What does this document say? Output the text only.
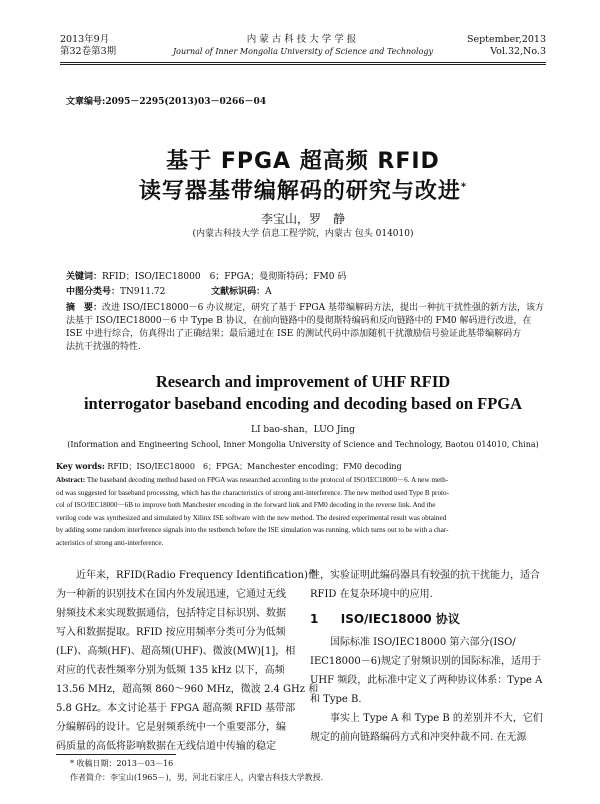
2013年9月
第32卷第3期
内蒙古科技大学学报
Journal of Inner Mongolia University of Science and Technology
September,2013
Vol.32,No.3
文章编号:2095－2295(2013)03－0266－04
基于 FPGA 超高频 RFID
读写器基带编解码的研究与改进*
李宝山，罗　静
(内蒙古科技大学 信息工程学院，内蒙古 包头 014010)
关键词：RFID；ISO/IEC18000　6；FPGA；曼彻斯特码；FM0 码
中图分类号：TN911.72	文献标识码：A
摘　要：改进 ISO/IEC18000－6 办议规定，研究了基于 FPGA 基带编解码方法，提出一种抗干扰性强的新方法，该方
法基于 ISO/IEC18000－6 中 Type B 协议，在前向链路中的曼彻斯特编码和反向链路中的 FM0 解码进行改进，在
ISE 中进行综合，仿真得出了正确结果；最后通过在 ISE 的测试代码中添加随机干扰激励信号验证此基带编解码方
法抗干扰强的特性.
Research and improvement of UHF RFID
interrogator baseband encoding and decoding based on FPGA
LI bao-shan，LUO Jing
(Information and Engineering School, Inner Mongolia University of Science and Technology, Baotou 014010, China)
Key words: RFID；ISO/IEC18000　6；FPGA；Manchester encoding；FM0 decoding
Abstract: The baseband decoding method based on FPGA was researched according to the protocol of ISO/IEC18000－6. A new meth-
od was suggested for baseband processing, which has the characteristics of strong anti-interference. The new method used Type B proto-
col of ISO/IEC18000－6B to improve both Manchester encoding in the forward link and FM0 decoding in the reverse link. And the
verilog code was synthesized and simulated by Xilinx ISE software with the new method. The desired experimental result was obtained
by adding some random interference signals into the testbench before the ISE simulation was running, which turns out to be with a char-
acteristics of strong anti-interference.
近年来，RFID(Radio Frequency Identification)作
为一种新的识别技术在国内外发展迅速，它通过无线
射频技术来实现数据通信，包括特定目标识别、数据
写入和数据提取。RFID 按应用频率分类可分为低频
(LF)、高频(HF)、超高频(UHF)、微波(MW)[1]，相
对应的代表性频率分别为低频 135 kHz 以下，高频
13.56 MHz，超高频 860～960 MHz，微波 2.4 GHz 和
5.8 GHz。本文讨论基于 FPGA 超高频 RFID 基带部
分编解码的设计。它是射频系统中一个重要部分，编
码质量的高低将影响数据在无线信道中传输的稳定
性，实验证明此编码器具有较强的抗干扰能力，适合
RFID 在复杂环境中的应用.
1 ISO/IEC18000 协议
国际标准 ISO/IEC18000 第六部分(ISO/
IEC18000－6)规定了射频识别的国际标准，适用于
UHF 频段，此标准中定义了两种协议体系：Type A
和 Type B.
事实上 Type A 和 Type B 的差别并不大，它们
规定的前向链路编码方式和冲突仲裁不同. 在无源
* 收稿日期：2013－03－16
作者简介：李宝山(1965－)，男，河北石家庄人，内蒙古科技大学教授.
